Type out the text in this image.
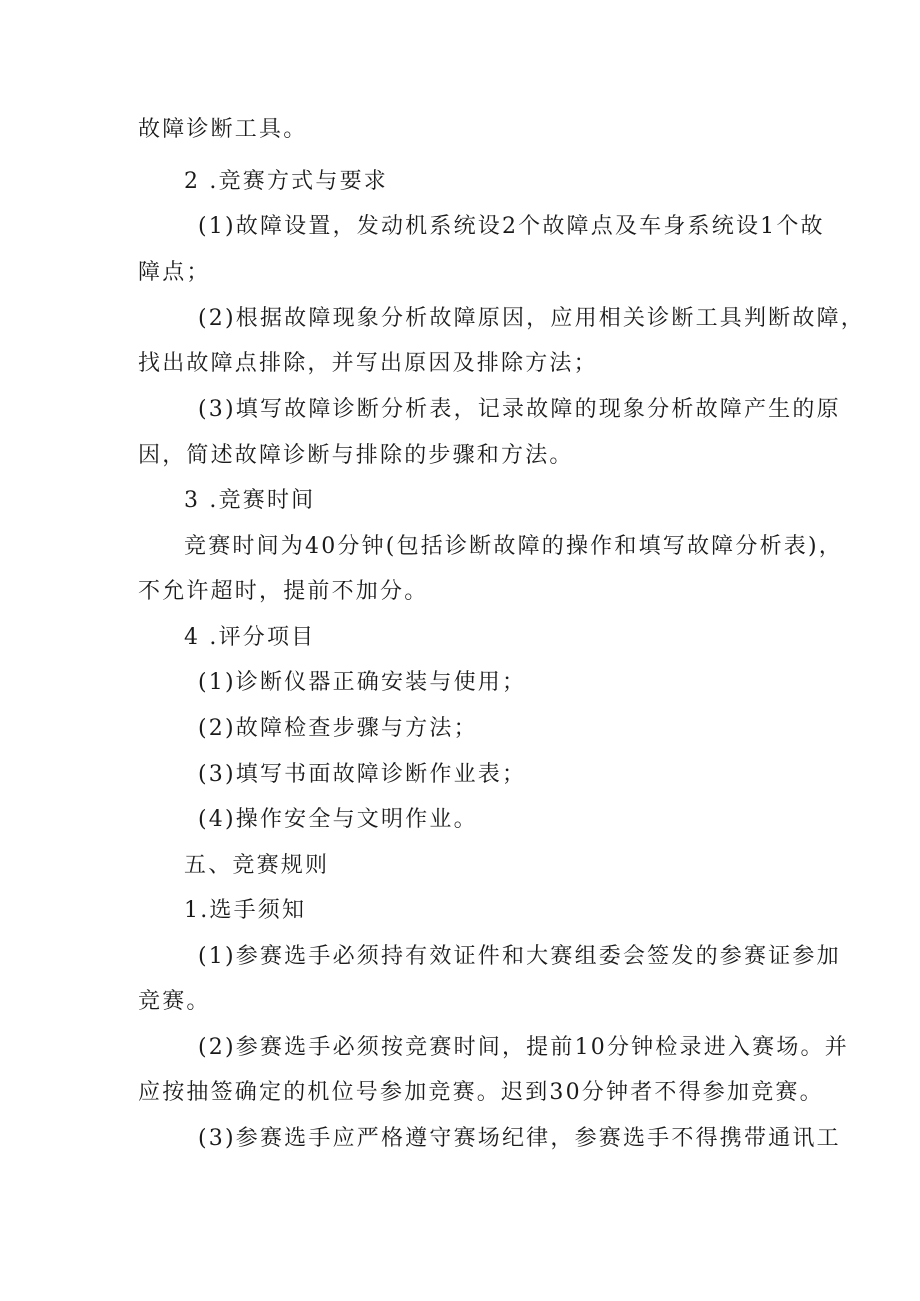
故障诊断工具。
2 .竞赛方式与要求
(1)故障设置，发动机系统设2个故障点及车身系统设1个故
障点；
(2)根据故障现象分析故障原因，应用相关诊断工具判断故障，
找出故障点排除，并写出原因及排除方法；
(3)填写故障诊断分析表，记录故障的现象分析故障产生的原
因，简述故障诊断与排除的步骤和方法。
3 .竞赛时间
竞赛时间为40分钟(包括诊断故障的操作和填写故障分析表)，
不允许超时，提前不加分。
4 .评分项目
(1)诊断仪器正确安装与使用；
(2)故障检查步骤与方法；
(3)填写书面故障诊断作业表；
(4)操作安全与文明作业。
五、竞赛规则
1.选手须知
(1)参赛选手必须持有效证件和大赛组委会签发的参赛证参加
竞赛。
(2)参赛选手必须按竞赛时间，提前10分钟检录进入赛场。并
应按抽签确定的机位号参加竞赛。迟到30分钟者不得参加竞赛。
(3)参赛选手应严格遵守赛场纪律，参赛选手不得携带通讯工
